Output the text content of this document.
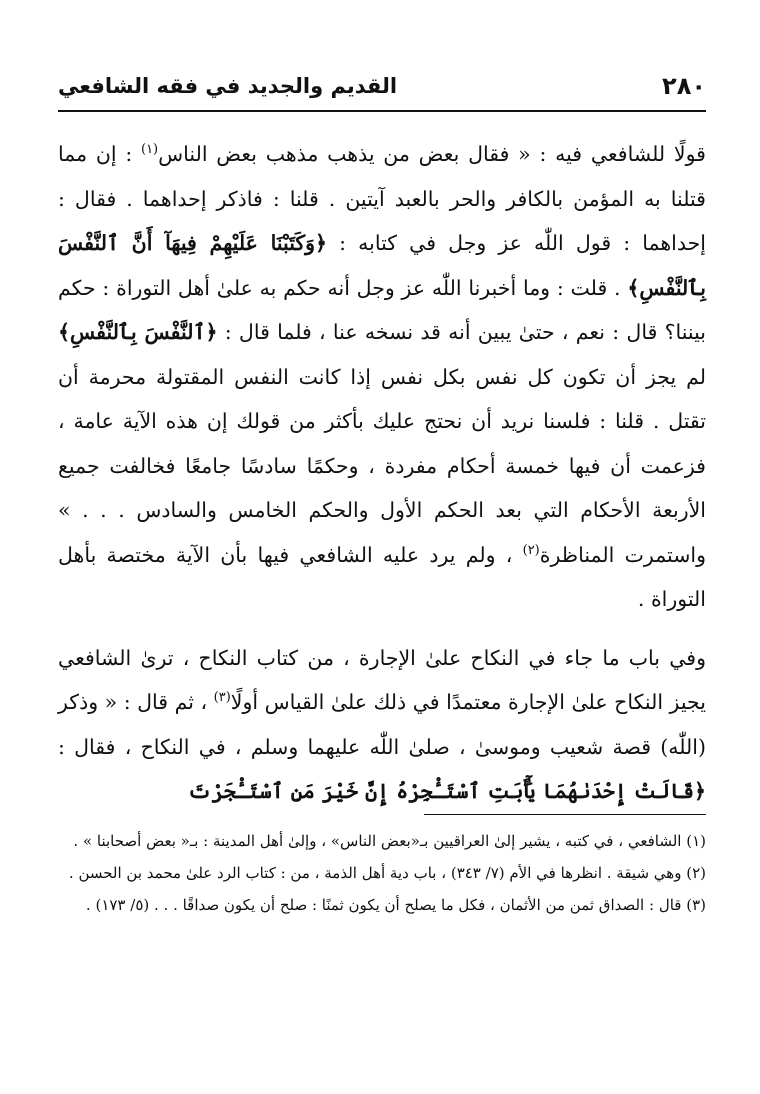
٢٨٠
القديم والجديد في فقه الشافعي

قولًا للشافعي فيه : « فقال بعض من يذهب مذهب بعض الناس$^{(١)}$ : إن مما قتلنا به المؤمن بالكافر والحر بالعبد آيتين . قلنا : فاذكر إحداهما . فقال : إحداهما : قول اللّٰه عز وجل في كتابه : ﴿وَكَتَبْنَا عَلَيْهِمْ فِيهَآ أَنَّ ٱلنَّفْسَ بِٱلنَّفْسِ﴾ . قلت : وما أخبرنا اللّٰه عز وجل أنه حكم به علىٰ أهل التوراة : حكم بيننا؟ قال : نعم ، حتىٰ يبين أنه قد نسخه عنا ، فلما قال : ﴿ٱلنَّفْسَ بِٱلنَّفْسِ﴾ لم يجز أن تكون كل نفس بكل نفس إذا كانت النفس المقتولة محرمة أن تقتل . قلنا : فلسنا نريد أن نحتج عليك بأكثر من قولك إن هذه الآية عامة ، فزعمت أن فيها خمسة أحكام مفردة ، وحكمًا سادسًا جامعًا فخالفت جميع الأربعة الأحكام التي بعد الحكم الأول والحكم الخامس والسادس . . . » واستمرت المناظرة$^{(٢)}$ ، ولم يرد عليه الشافعي فيها بأن الآية مختصة بأهل التوراة .

وفي باب ما جاء في النكاح علىٰ الإجارة ، من كتاب النكاح ، ترىٰ الشافعي يجيز النكاح علىٰ الإجارة معتمدًا في ذلك علىٰ القياس أولًا$^{(٣)}$ ، ثم قال : « وذكر (اللّٰه) قصة شعيب وموسىٰ ، صلىٰ اللّٰه عليهما وسلم ، في النكاح ، فقال : ﴿قَالَتْ إِحْدَىٰهُمَا يَٰٓأَبَتِ ٱسْتَـْٔجِرْهُ إِنَّ خَيْرَ مَنِ ٱسْتَـْٔجَرْتَ

(١) الشافعي ، في كتبه ، يشير إلىٰ العراقيين بـ«بعض الناس» ، وإلىٰ أهل المدينة : بـ« بعض أصحابنا » .

(٢) وهي شيقة . انظرها في الأم (٧/ ٣٤٣) ، باب دية أهل الذمة ، من : كتاب الرد علىٰ محمد بن الحسن .

(٣) قال : الصداق ثمن من الأثمان ، فكل ما يصلح أن يكون ثمنًا : صلح أن يكون صداقًا . . . (٥/ ١٧٣) .
